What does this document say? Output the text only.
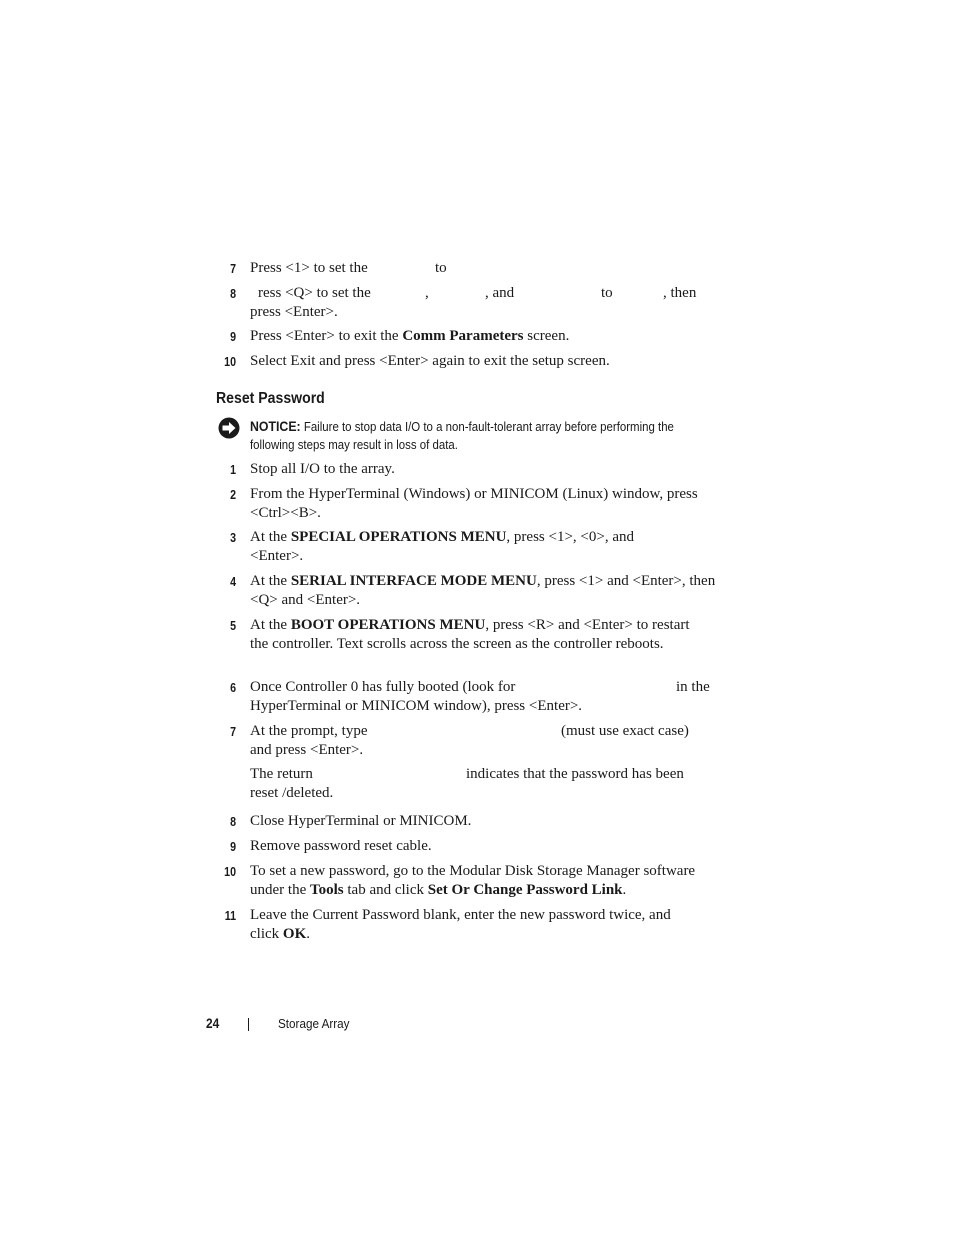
7 Press <1> to set the	to
8 ress <Q> to set the	,	, and	to	, then
press <Enter>.
9 Press <Enter> to exit the Comm Parameters screen.
10 Select Exit and press <Enter> again to exit the setup screen.
Reset Password
NOTICE: Failure to stop data I/O to a non-fault-tolerant array before performing the following steps may result in loss of data.
1 Stop all I/O to the array.
2 From the HyperTerminal (Windows) or MINICOM (Linux) window, press <Ctrl><B>.
3 At the SPECIAL OPERATIONS MENU, press <1>, <0>, and <Enter>.
4 At the SERIAL INTERFACE MODE MENU, press <1> and <Enter>, then <Q> and <Enter>.
5 At the BOOT OPERATIONS MENU, press <R> and <Enter> to restart the controller. Text scrolls across the screen as the controller reboots.
6 Once Controller 0 has fully booted (look for	in the
HyperTerminal or MINICOM window), press <Enter>.
7 At the prompt, type	(must use exact case)
and press <Enter>.
The return	indicates that the password has been
reset /deleted.
8 Close HyperTerminal or MINICOM.
9 Remove password reset cable.
10 To set a new password, go to the Modular Disk Storage Manager software under the Tools tab and click Set Or Change Password Link.
11 Leave the Current Password blank, enter the new password twice, and click OK.
24	Storage Array
